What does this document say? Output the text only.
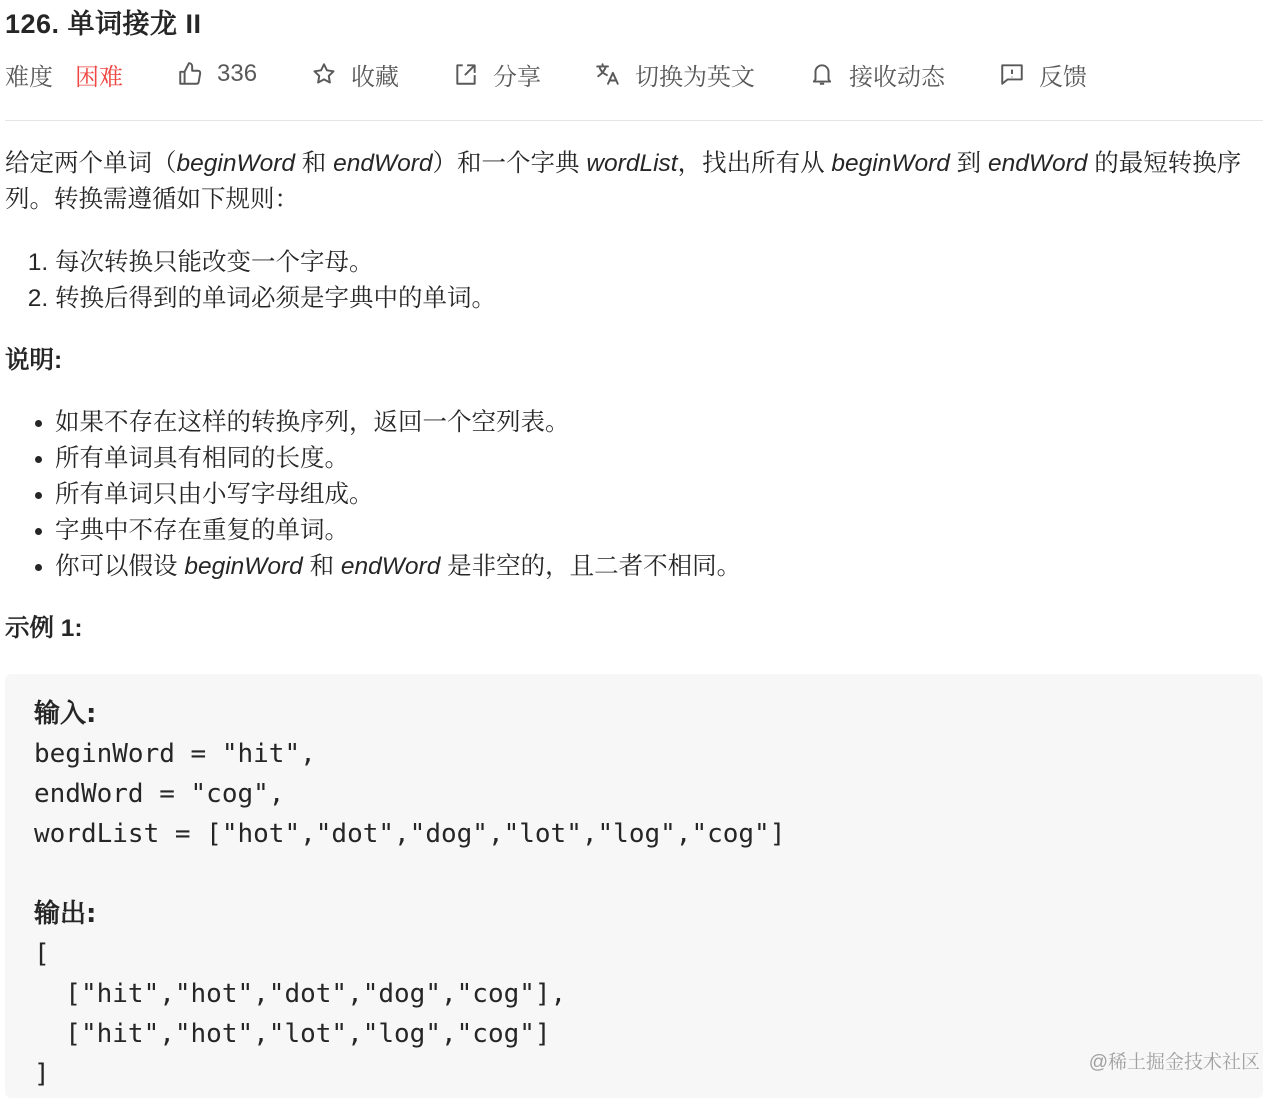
126. 单词接龙 II
难度 困难	336	收藏	分享	切换为英文	接收动态	反馈

给定两个单词（beginWord 和 endWord）和一个字典 wordList，找出所有从 beginWord 到 endWord 的最短转换序列。转换需遵循如下规则：

1. 每次转换只能改变一个字母。
2. 转换后得到的单词必须是字典中的单词。

说明:

• 如果不存在这样的转换序列，返回一个空列表。
• 所有单词具有相同的长度。
• 所有单词只由小写字母组成。
• 字典中不存在重复的单词。
• 你可以假设 beginWord 和 endWord 是非空的，且二者不相同。

示例 1:

输入:
beginWord = "hit",
endWord = "cog",
wordList = ["hot","dot","dog","lot","log","cog"]

输出:
[
["hit","hot","dot","dog","cog"],
["hit","hot","lot","log","cog"]
]	@稀土掘金技术社区
